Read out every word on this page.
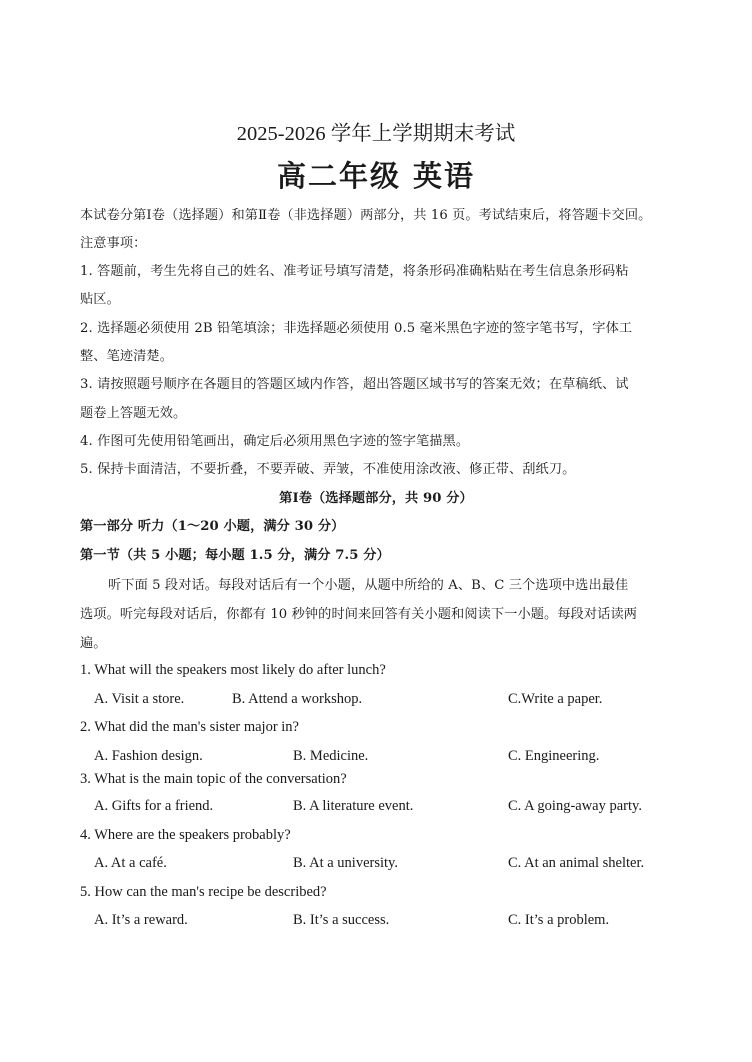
2025-2026 学年上学期期末考试
高二年级 英语
本试卷分第Ⅰ卷（选择题）和第Ⅱ卷（非选择题）两部分，共 16 页。考试结束后，将答题卡交回。
注意事项：
1. 答题前，考生先将自己的姓名、准考证号填写清楚，将条形码准确粘贴在考生信息条形码粘
贴区。
2. 选择题必须使用 2B 铅笔填涂；非选择题必须使用 0.5 毫米黑色字迹的签字笔书写，字体工
整、笔迹清楚。
3. 请按照题号顺序在各题目的答题区域内作答，超出答题区域书写的答案无效；在草稿纸、试
题卷上答题无效。
4. 作图可先使用铅笔画出，确定后必须用黑色字迹的签字笔描黑。
5. 保持卡面清洁，不要折叠，不要弄破、弄皱，不准使用涂改液、修正带、刮纸刀。
第Ⅰ卷（选择题部分，共 90 分）
第一部分 听力（1～20 小题，满分 30 分）
第一节（共 5 小题；每小题 1.5 分，满分 7.5 分）
听下面 5 段对话。每段对话后有一个小题，从题中所给的 A、B、C 三个选项中选出最佳
选项。听完每段对话后，你都有 10 秒钟的时间来回答有关小题和阅读下一小题。每段对话读两
遍。
1. What will the speakers most likely do after lunch?
A. Visit a store.	B. Attend a workshop.	C.Write a paper.
2. What did the man's sister major in?
A. Fashion design.	B. Medicine.	C. Engineering.
3. What is the main topic of the conversation?
A. Gifts for a friend.	B. A literature event.	C. A going-away party.
4. Where are the speakers probably?
A. At a café.	B. At a university.	C. At an animal shelter.
5. How can the man's recipe be described?
A. It’s a reward.	B. It’s a success.	C. It’s a problem.
